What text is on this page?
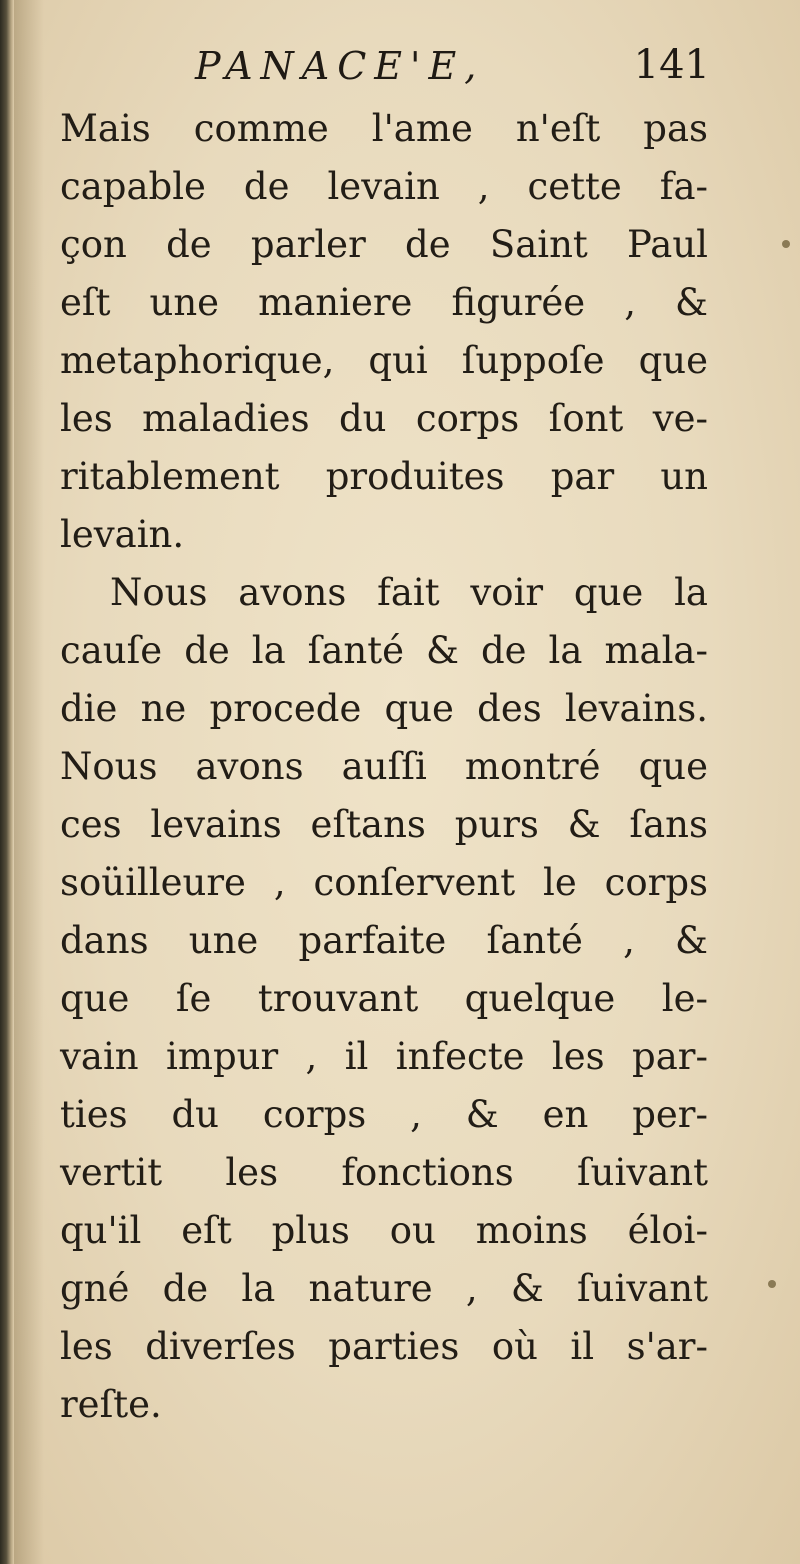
PANACE'E,	141
Mais comme l'ame n'eſt pas
capable de levain , cette fa-
çon de parler de Saint Paul
eſt une maniere figurée , &
metaphorique, qui ſuppoſe que
les maladies du corps ſont ve-
ritablement produites par un
levain.
Nous avons fait voir que la
cauſe de la ſanté & de la mala-
die ne procede que des levains.
Nous avons auſſi montré que
ces levains eſtans purs & ſans
soüilleure , conſervent le corps
dans une parfaite ſanté , &
que ſe trouvant quelque le-
vain impur , il infecte les par-
ties du corps , & en per-
vertit les fonctions ſuivant
qu'il eſt plus ou moins éloi-
gné de la nature , & ſuivant
les diverſes parties où il s'ar-
reſte.
